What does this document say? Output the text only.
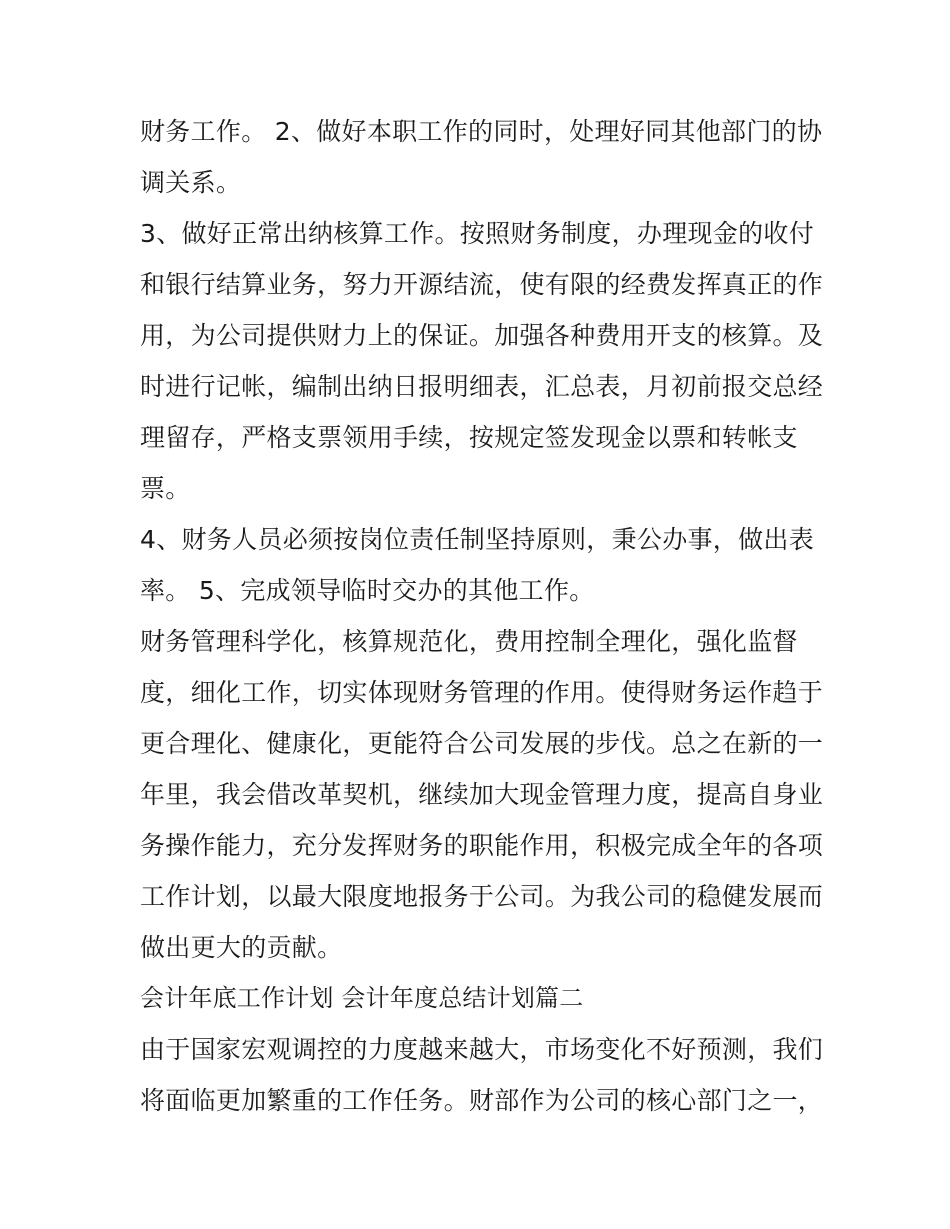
财务工作。 2、做好本职工作的同时，处理好同其他部门的协
调关系。
3、做好正常出纳核算工作。按照财务制度，办理现金的收付
和银行结算业务，努力开源结流，使有限的经费发挥真正的作
用，为公司提供财力上的保证。加强各种费用开支的核算。及
时进行记帐，编制出纳日报明细表，汇总表，月初前报交总经
理留存，严格支票领用手续，按规定签发现金以票和转帐支
票。
4、财务人员必须按岗位责任制坚持原则，秉公办事，做出表
率。 5、完成领导临时交办的其他工作。
财务管理科学化，核算规范化，费用控制全理化，强化监督
度，细化工作，切实体现财务管理的作用。使得财务运作趋于
更合理化、健康化，更能符合公司发展的步伐。总之在新的一
年里，我会借改革契机，继续加大现金管理力度，提高自身业
务操作能力，充分发挥财务的职能作用，积极完成全年的各项
工作计划，以最大限度地报务于公司。为我公司的稳健发展而
做出更大的贡献。
会计年底工作计划 会计年度总结计划篇二
由于国家宏观调控的力度越来越大，市场变化不好预测，我们
将面临更加繁重的工作任务。财部作为公司的核心部门之一，
